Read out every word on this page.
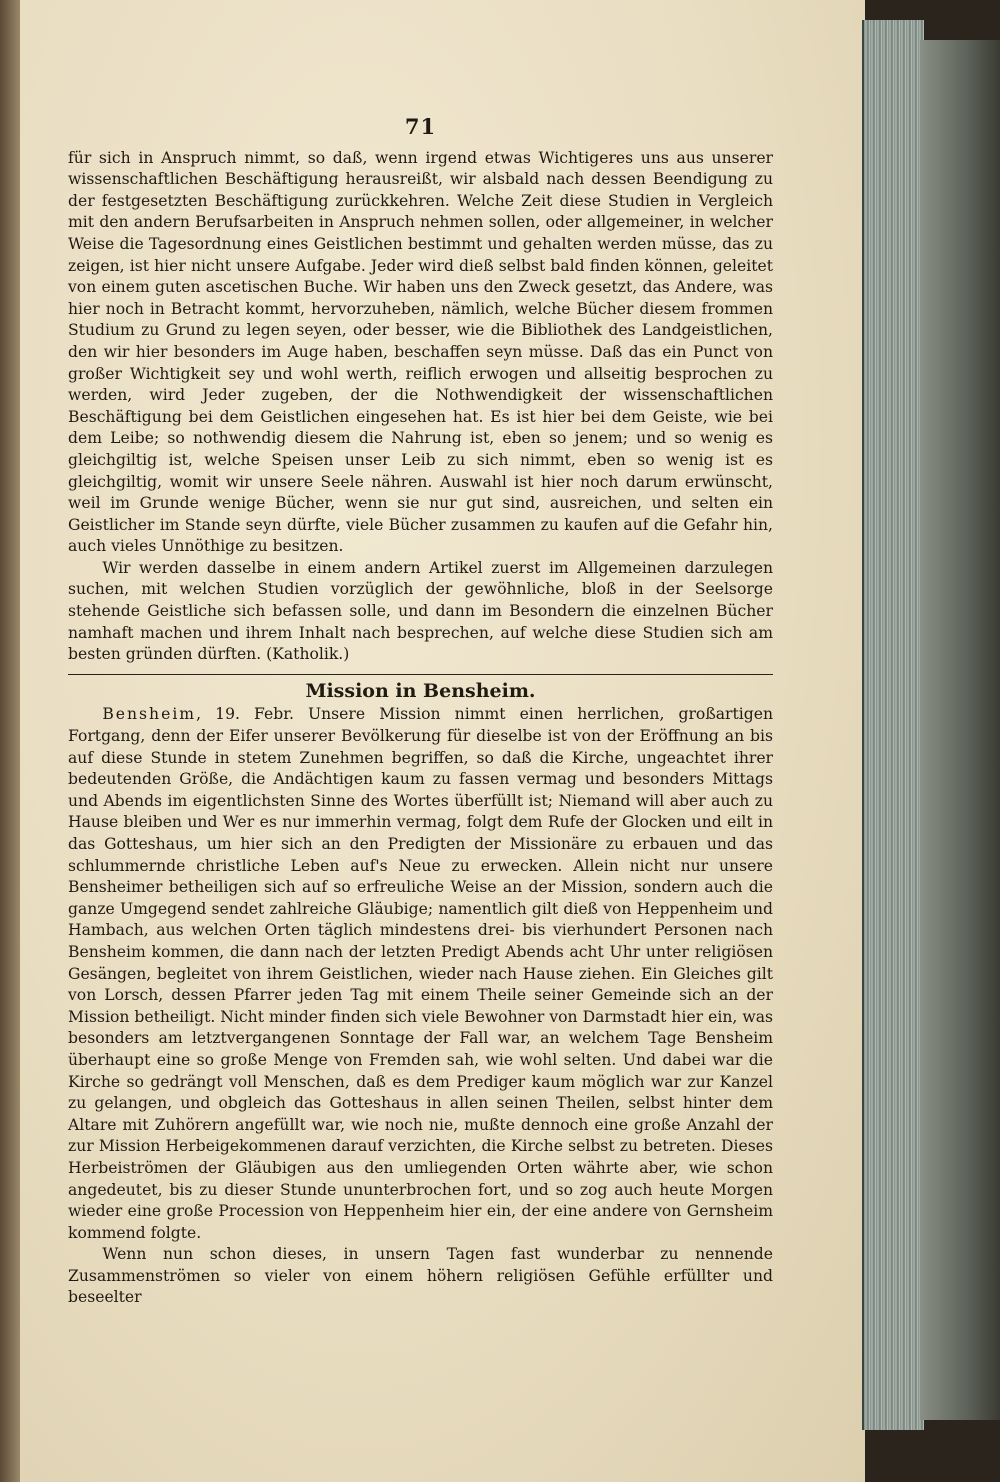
71

für sich in Anspruch nimmt, so daß, wenn irgend etwas Wichtigeres uns aus unserer wissenschaftlichen Beschäftigung herausreißt, wir alsbald nach dessen Beendigung zu der festgesetzten Beschäftigung zurückkehren. Welche Zeit diese Studien in Vergleich mit den andern Berufsarbeiten in Anspruch nehmen sollen, oder allgemeiner, in welcher Weise die Tagesordnung eines Geistlichen bestimmt und gehalten werden müsse, das zu zeigen, ist hier nicht unsere Aufgabe. Jeder wird dieß selbst bald finden können, geleitet von einem guten ascetischen Buche. Wir haben uns den Zweck gesetzt, das Andere, was hier noch in Betracht kommt, hervorzuheben, nämlich, welche Bücher diesem frommen Studium zu Grund zu legen seyen, oder besser, wie die Bibliothek des Landgeistlichen, den wir hier besonders im Auge haben, beschaffen seyn müsse. Daß das ein Punct von großer Wichtigkeit sey und wohl werth, reiflich erwogen und allseitig besprochen zu werden, wird Jeder zugeben, der die Nothwendigkeit der wissenschaftlichen Beschäftigung bei dem Geistlichen eingesehen hat. Es ist hier bei dem Geiste, wie bei dem Leibe; so nothwendig diesem die Nahrung ist, eben so jenem; und so wenig es gleichgiltig ist, welche Speisen unser Leib zu sich nimmt, eben so wenig ist es gleichgiltig, womit wir unsere Seele nähren. Auswahl ist hier noch darum erwünscht, weil im Grunde wenige Bücher, wenn sie nur gut sind, ausreichen, und selten ein Geistlicher im Stande seyn dürfte, viele Bücher zusammen zu kaufen auf die Gefahr hin, auch vieles Unnöthige zu besitzen.

Wir werden dasselbe in einem andern Artikel zuerst im Allgemeinen darzulegen suchen, mit welchen Studien vorzüglich der gewöhnliche, bloß in der Seelsorge stehende Geistliche sich befassen solle, und dann im Besondern die einzelnen Bücher namhaft machen und ihrem Inhalt nach besprechen, auf welche diese Studien sich am besten gründen dürften. (Katholik.)

Mission in Bensheim.

Bensheim, 19. Febr. Unsere Mission nimmt einen herrlichen, großartigen Fortgang, denn der Eifer unserer Bevölkerung für dieselbe ist von der Eröffnung an bis auf diese Stunde in stetem Zunehmen begriffen, so daß die Kirche, ungeachtet ihrer bedeutenden Größe, die Andächtigen kaum zu fassen vermag und besonders Mittags und Abends im eigentlichsten Sinne des Wortes überfüllt ist; Niemand will aber auch zu Hause bleiben und Wer es nur immerhin vermag, folgt dem Rufe der Glocken und eilt in das Gotteshaus, um hier sich an den Predigten der Missionäre zu erbauen und das schlummernde christliche Leben auf's Neue zu erwecken. Allein nicht nur unsere Bensheimer betheiligen sich auf so erfreuliche Weise an der Mission, sondern auch die ganze Umgegend sendet zahlreiche Gläubige; namentlich gilt dieß von Heppenheim und Hambach, aus welchen Orten täglich mindestens drei- bis vierhundert Personen nach Bensheim kommen, die dann nach der letzten Predigt Abends acht Uhr unter religiösen Gesängen, begleitet von ihrem Geistlichen, wieder nach Hause ziehen. Ein Gleiches gilt von Lorsch, dessen Pfarrer jeden Tag mit einem Theile seiner Gemeinde sich an der Mission betheiligt. Nicht minder finden sich viele Bewohner von Darmstadt hier ein, was besonders am letztvergangenen Sonntage der Fall war, an welchem Tage Bensheim überhaupt eine so große Menge von Fremden sah, wie wohl selten. Und dabei war die Kirche so gedrängt voll Menschen, daß es dem Prediger kaum möglich war zur Kanzel zu gelangen, und obgleich das Gotteshaus in allen seinen Theilen, selbst hinter dem Altare mit Zuhörern angefüllt war, wie noch nie, mußte dennoch eine große Anzahl der zur Mission Herbeigekommenen darauf verzichten, die Kirche selbst zu betreten. Dieses Herbeiströmen der Gläubigen aus den umliegenden Orten währte aber, wie schon angedeutet, bis zu dieser Stunde ununterbrochen fort, und so zog auch heute Morgen wieder eine große Procession von Heppenheim hier ein, der eine andere von Gernsheim kommend folgte.

Wenn nun schon dieses, in unsern Tagen fast wunderbar zu nennende Zusammenströmen so vieler von einem höhern religiösen Gefühle erfüllter und beseelter
